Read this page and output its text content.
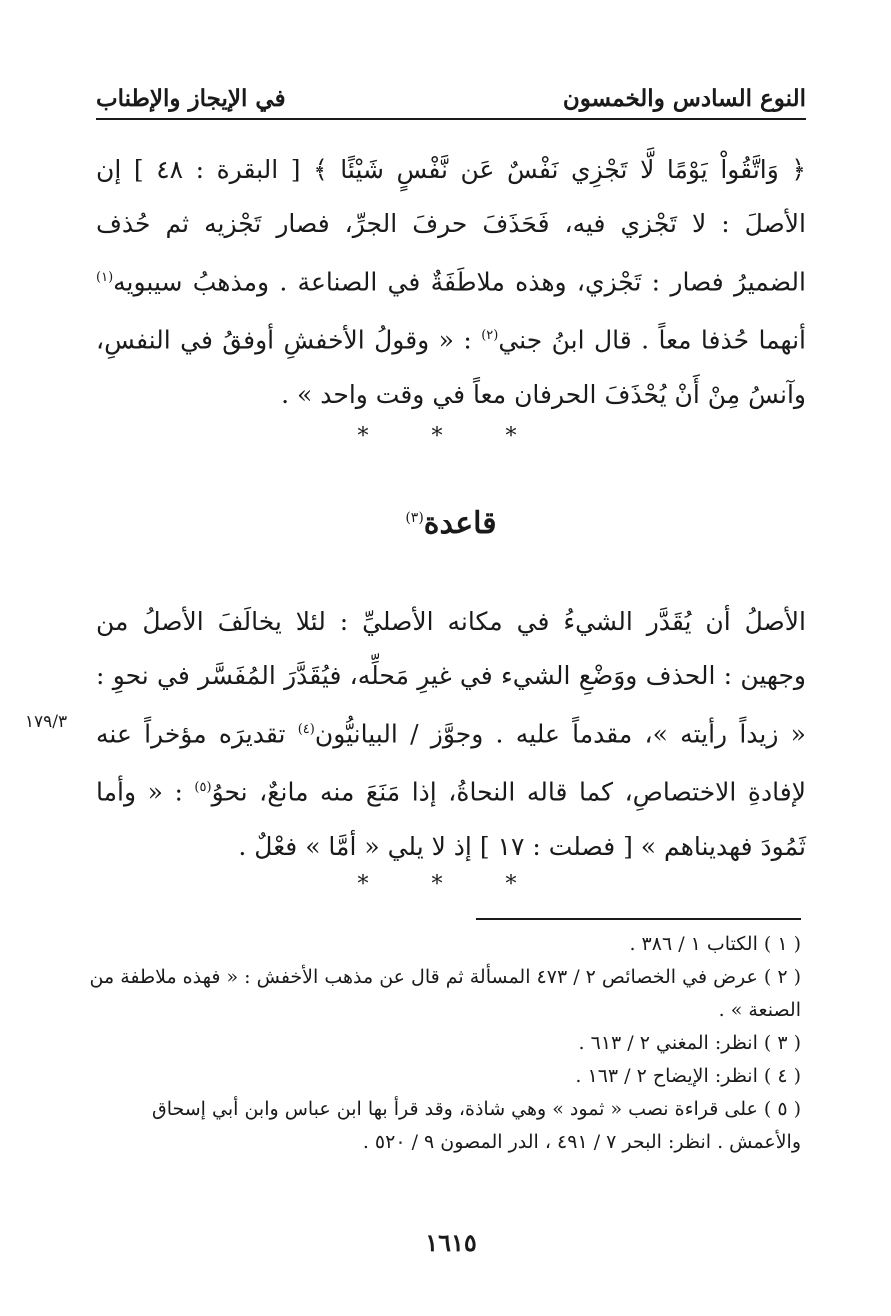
النوع السادس والخمسون
في الإيجاز والإطناب
﴿ وَاتَّقُواْ يَوْمًا لَّا تَجْزِي نَفْسٌ عَن نَّفْسٍ شَيْئًا ﴾ [ البقرة : ٤٨ ] إن الأصلَ : لا تَجْزي فيه، فَحَذَفَ حرفَ الجرِّ، فصار تَجْزيه ثم حُذف الضميرُ فصار : تَجْزي، وهذه ملاطَفَةٌ في الصناعة . ومذهبُ سيبويه$^{(١)}$ أنهما حُذفا معاً . قال ابنُ جني$^{(٢)}$ : « وقولُ الأخفشِ أوفقُ في النفسِ، وآنسُ مِنْ أَنْ يُحْذَفَ الحرفان معاً في وقت واحد » .
* * *
قاعدة$^{(٣)}$
الأصلُ أن يُقَدَّر الشيءُ في مكانه الأصليِّ : لئلا يخالَفَ الأصلُ من وجهين : الحذف ووَضْعِ الشيء في غيرِ مَحلِّه، فيُقَدَّرَ المُفَسَّر في نحوِ : « زيداً رأيته »، مقدماً عليه . وجوَّز / البيانيُّون$^{(٤)}$ تقديرَه مؤخراً عنه لإفادةِ الاختصاصِ، كما قاله النحاةُ، إذا مَنَعَ منه مانعٌ، نحوُ$^{(٥)}$ : « وأما ثَمُودَ فهديناهم » [ فصلت : ١٧ ] إذ لا يلي « أمَّا » فعْلٌ .
١٧٩/٣
* * *
( ١ )الكتاب ١ / ٣٨٦ .
( ٢ )عرض في الخصائص ٢ / ٤٧٣ المسألة ثم قال عن مذهب الأخفش : « فهذه ملاطفة من الصنعة » .
( ٣ )انظر: المغني ٢ / ٦١٣ .
( ٤ )انظر: الإيضاح ٢ / ١٦٣ .
( ٥ )على قراءة نصب « ثمود » وهي شاذة، وقد قرأ بها ابن عباس وابن أبي إسحاق والأعمش . انظر: البحر ٧ / ٤٩١ ، الدر المصون ٩ / ٥٢٠ .
١٦١٥
